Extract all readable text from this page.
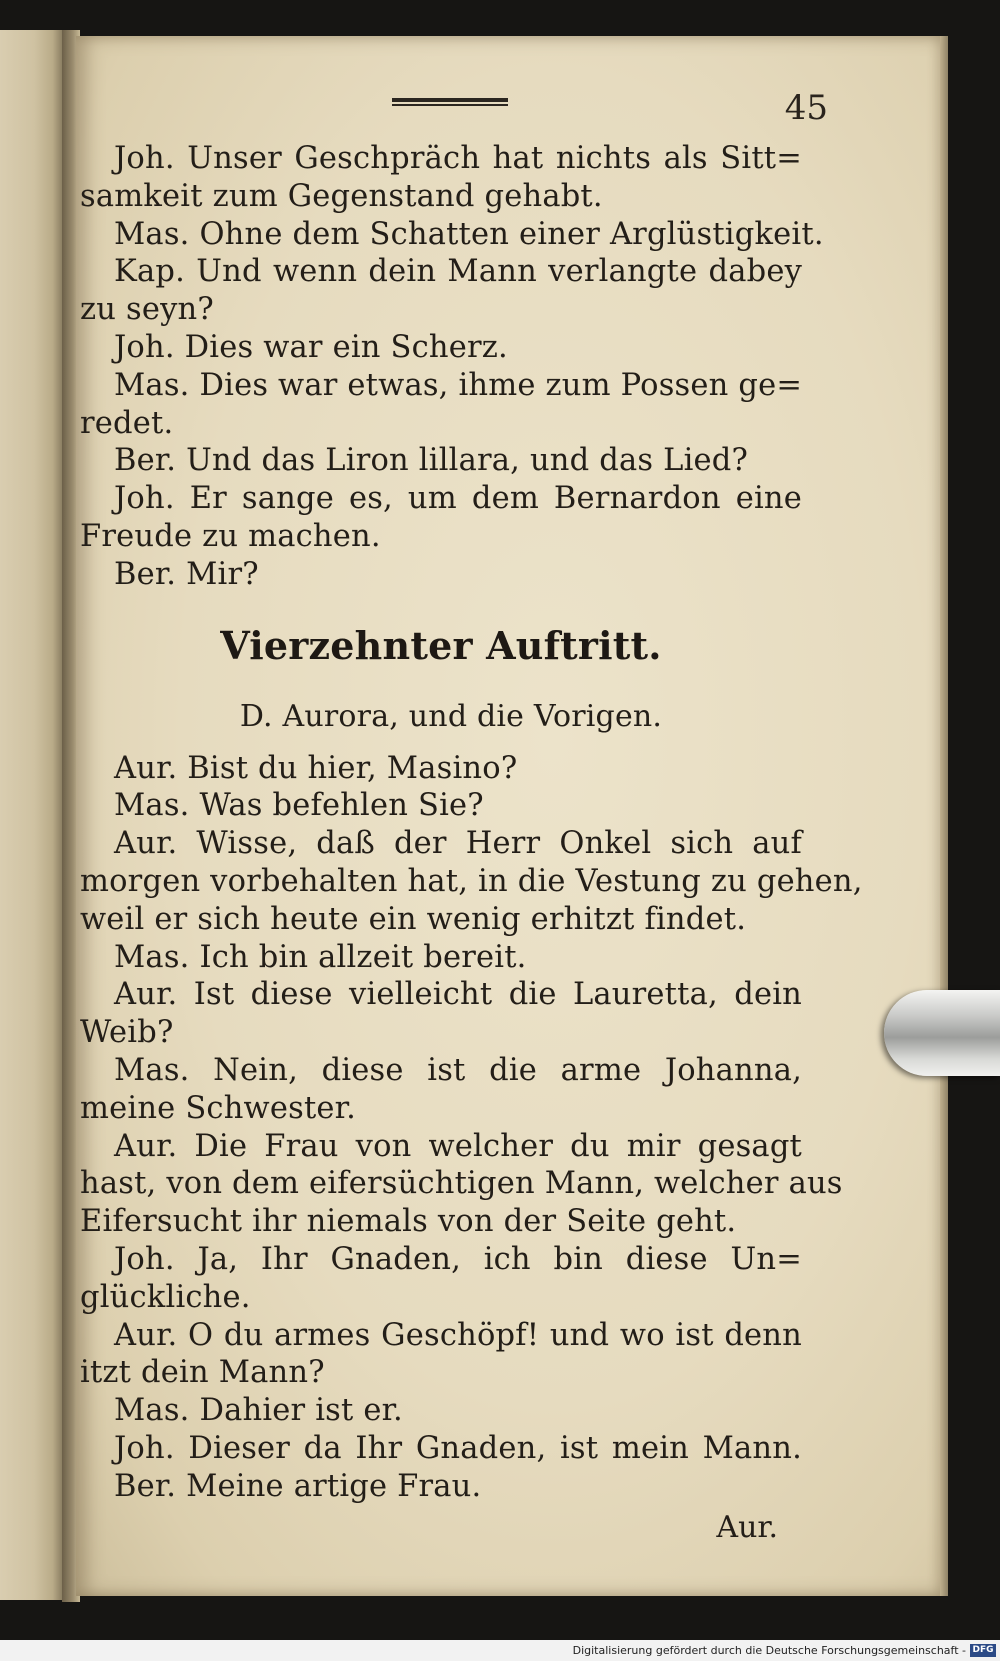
45
Joh. Unser Geschpräch hat nichts als Sitt=
samkeit zum Gegenstand gehabt.
Mas. Ohne dem Schatten einer Arglüstigkeit.
Kap. Und wenn dein Mann verlangte dabey
zu seyn?
Joh. Dies war ein Scherz.
Mas. Dies war etwas, ihme zum Possen ge=
redet.
Ber. Und das Liron lillara, und das Lied?
Joh. Er sange es, um dem Bernardon eine
Freude zu machen.
Ber. Mir?
Vierzehnter Auftritt.
D. Aurora, und die Vorigen.
Aur. Bist du hier, Masino?
Mas. Was befehlen Sie?
Aur. Wisse, daß der Herr Onkel sich auf
morgen vorbehalten hat, in die Vestung zu gehen,
weil er sich heute ein wenig erhitzt findet.
Mas. Ich bin allzeit bereit.
Aur. Ist diese vielleicht die Lauretta, dein
Weib?
Mas. Nein, diese ist die arme Johanna,
meine Schwester.
Aur. Die Frau von welcher du mir gesagt
hast, von dem eifersüchtigen Mann, welcher aus
Eifersucht ihr niemals von der Seite geht.
Joh. Ja, Ihr Gnaden, ich bin diese Un=
glückliche.
Aur. O du armes Geschöpf! und wo ist denn
itzt dein Mann?
Mas. Dahier ist er.
Joh. Dieser da Ihr Gnaden, ist mein Mann.
Ber. Meine artige Frau.
Aur.
Digitalisierung gefördert durch die Deutsche Forschungsgemeinschaft - DFG
